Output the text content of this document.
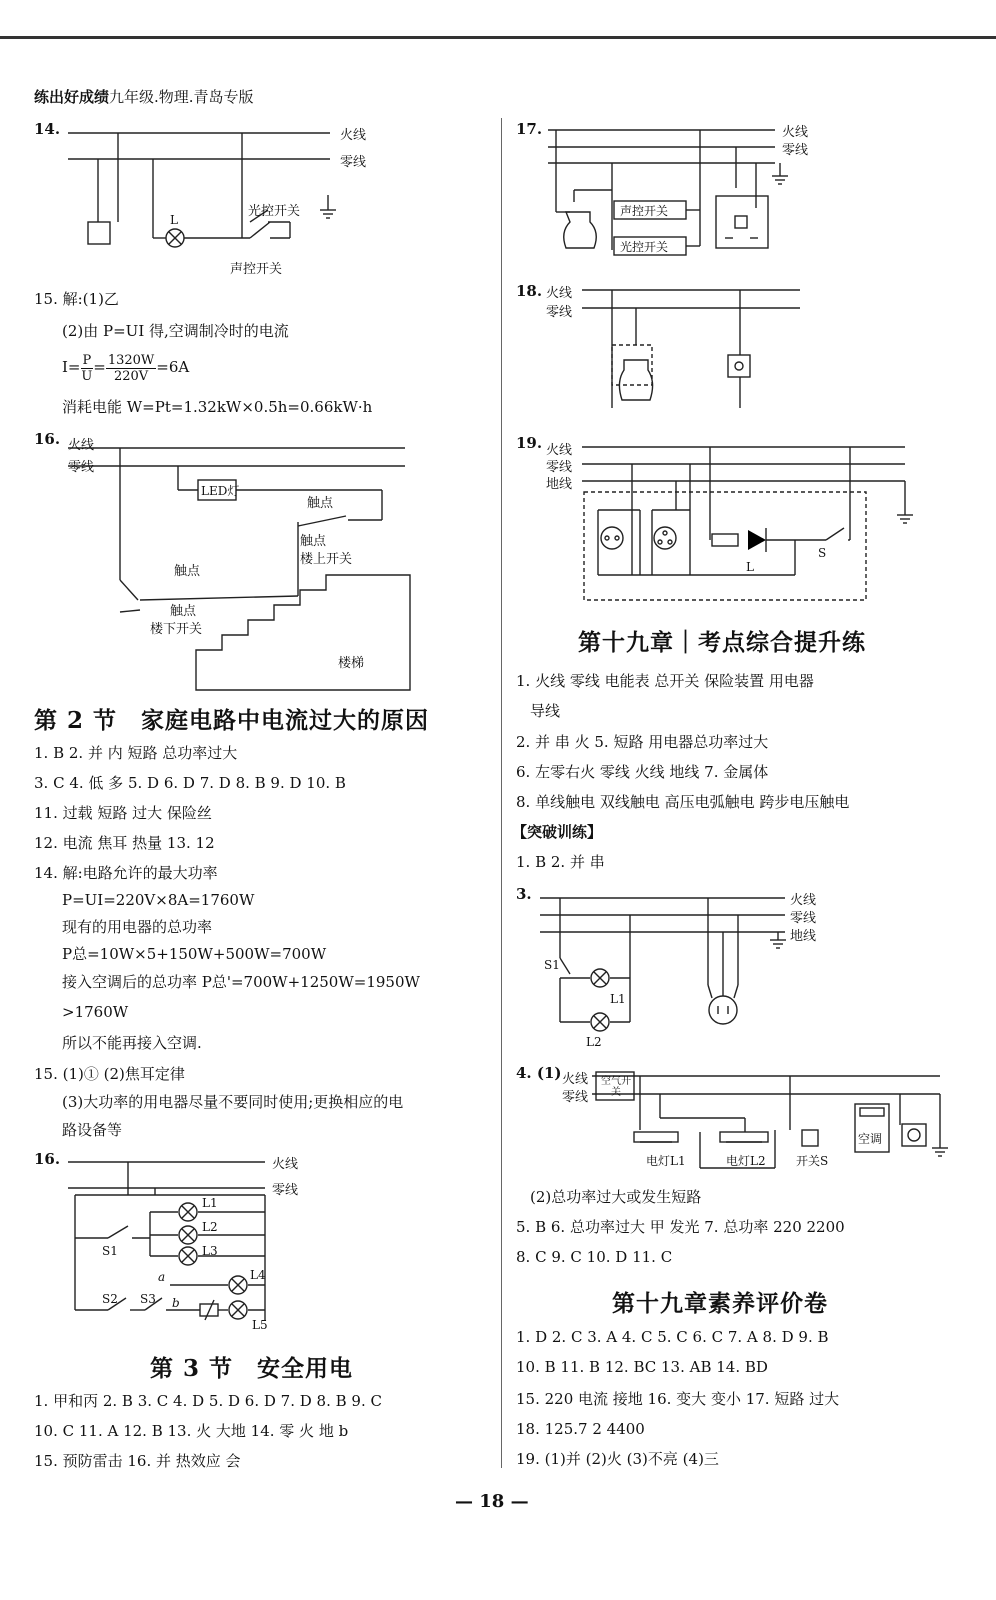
练出好成绩九年级.物理.青岛专版
14.	火线
零线
L
光控开关
声控开关
15. 解:(1)乙
(2)由 P=UI 得,空调制冷时的电流
$I= \frac{P}{U} = \frac{1320W}{220V} =6A$
消耗电能 W=Pt=1.32kW×0.5h=0.66kW·h
16. 火线
零线
LED灯
触点
触点
楼上开关
触点
触点
楼下开关
楼梯
第 2 节　家庭电路中电流过大的原因
1. B 2. 并 内 短路 总功率过大
3. C 4. 低 多 5. D 6. D 7. D 8. B 9. D 10. B
11. 过载 短路 过大 保险丝
12. 电流 焦耳 热量 13. 12
14. 解:电路允许的最大功率
P=UI=220V×8A=1760W
现有的用电器的总功率
P总=10W×5+150W+500W=700W
接入空调后的总功率 P总'=700W+1250W=1950W
>1760W
所以不能再接入空调.
15. (1)① (2)焦耳定律
(3)大功率的用电器尽量不要同时使用;更换相应的电
路设备等
16.	火线
零线
L1
L2
L3
L4
L5
S1
S2 S3
a
b
第 3 节　安全用电
1. 甲和丙 2. B 3. C 4. D 5. D 6. D 7. D 8. B 9. C
10. C 11. A 12. B 13. 火 大地 14. 零 火 地 b
15. 预防雷击 16. 并 热效应 会
17.	火线
零线
声控开关
光控开关
18. 火线
零线
19. 火线
零线
地线
L
S
第十九章｜考点综合提升练
1. 火线 零线 电能表 总开关 保险装置 用电器
导线
2. 并 串 火 5. 短路 用电器总功率过大
6. 左零右火 零线 火线 地线 7. 金属体
8. 单线触电 双线触电 高压电弧触电 跨步电压触电
【突破训练】
1. B 2. 并 串
3.	火线
零线
地线
S1
L1
L2
4. (1) 火线
零线
空气开关
电灯L1	电灯L2	开关S
空调
(2)总功率过大或发生短路
5. B 6. 总功率过大 甲 发光 7. 总功率 220 2200
8. C 9. C 10. D 11. C
第十九章素养评价卷
1. D 2. C 3. A 4. C 5. C 6. C 7. A 8. D 9. B
10. B 11. B 12. BC 13. AB 14. BD
15. 220 电流 接地 16. 变大 变小 17. 短路 过大
18. 125.7 2 4400
19. (1)并 (2)火 (3)不亮 (4)三
— 18 —
